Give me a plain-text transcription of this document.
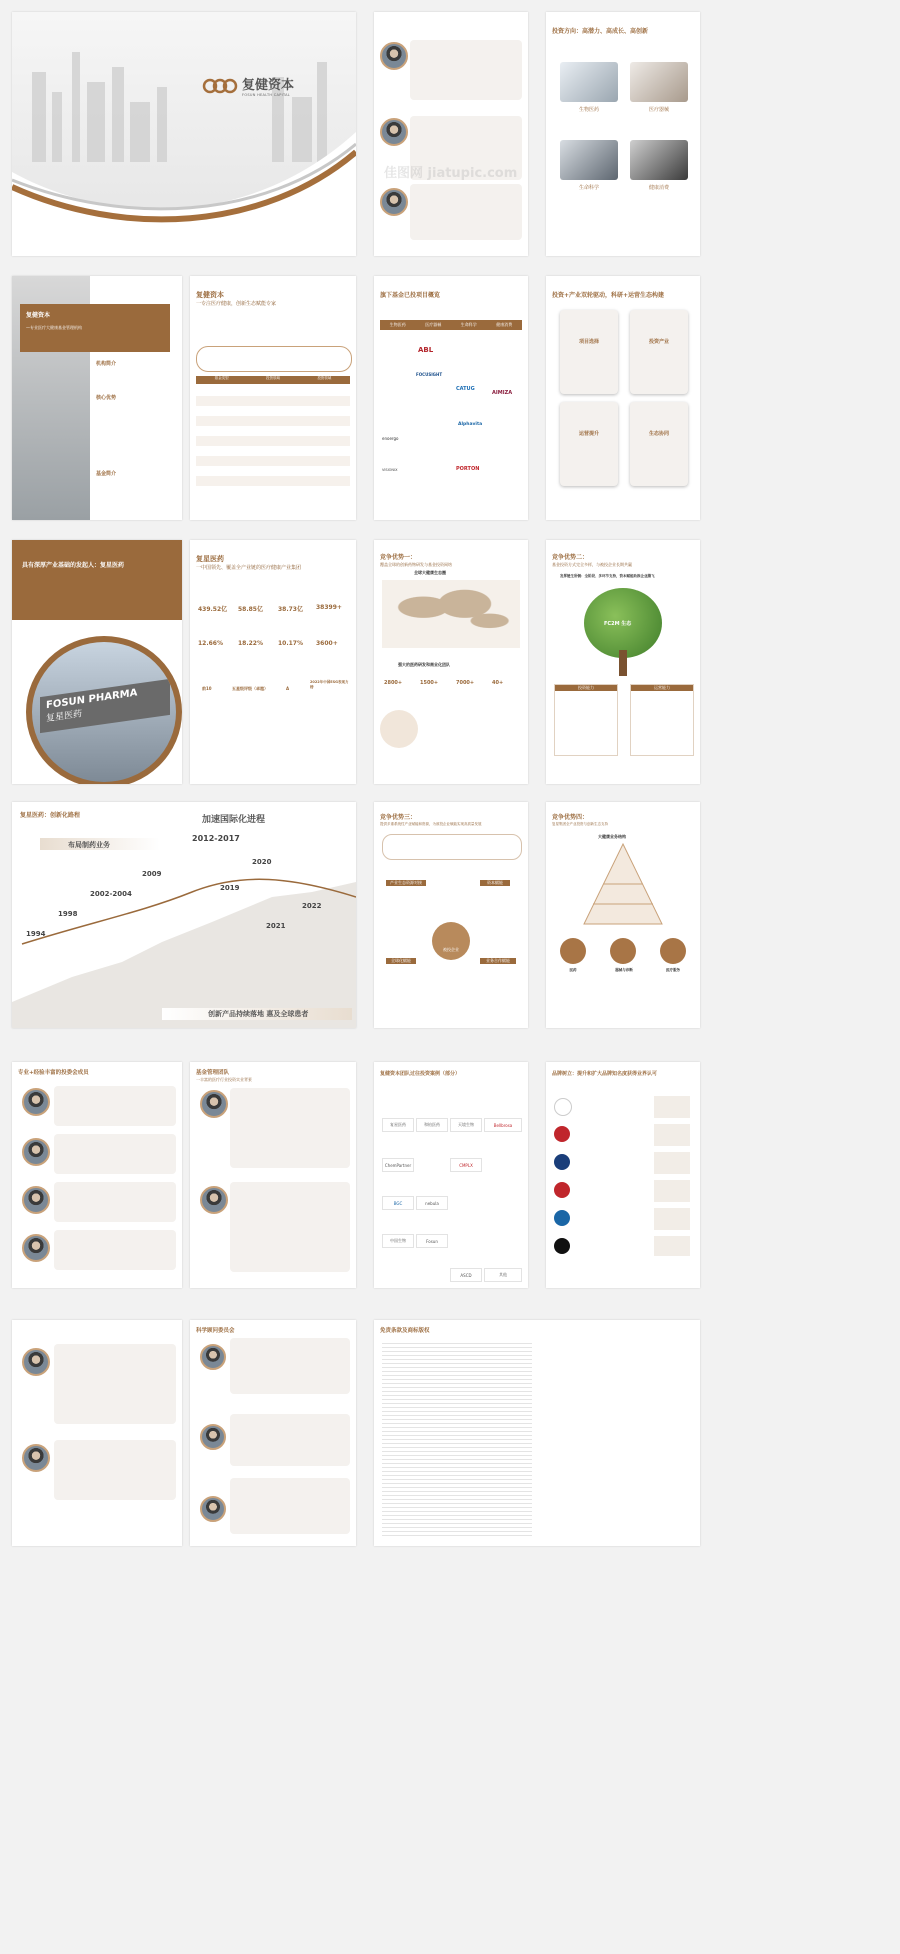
复健资本
FOSUN HEALTH CAPITAL
佳图网 jiatupic.com
投资方向：高潜力、高成长、高创新
生物医药	医疗器械
生命科学	健康消费
复健资本
—专业医疗大健康基金管理机构
机构简介
核心优势
基金简介
复健资本
一专注医疗健康，创新生态赋能专家
基金类型	投资领域	投资领域
旗下基金已投项目概览
生物医药	医疗器械	生命科学	健康消费
ABL
FOCUSIGHT
CATUG
AIMIZA
Alphavita
PORTON
VISIONIX
enoergo
投资+产业双轮驱动，科研+运营生态构建
项目选择	投资产业
运营提升	生态协同
具有深厚产业基础的发起人：复星医药
FOSUN PHARMA
复星医药
复星医药
一中国领先、覆盖全产业链的医疗健康产业集团
439.52亿 58.85亿	38.73亿 38399+
12.66%	18.22%	10.17% 3600+
前10	五星级评级（卓越）	A
2022年中国ESG表现力榜
竞争优势一：
覆盖全球的创新药物研发与基金投资网络
全球大健康生态圈
强大的医药研发和商业化团队
2800+	1500+	7000+	40+
竞争优势二：
基金投资方式完全多样，与被投企业长期共赢
发挥链生所侧：全阶段、多环节支持，资本赋能助推企业腾飞
FC2M 生态
投资能力	运营能力
复星医药：创新化路程	加速国际化进程
布局制药业务
1994
1998
2002-2004
2009
2012-2017
2019
2020
2021
2022
创新产品持续落地 惠及全球患者
竞争优势三：
提供多重系统性产业赋能和资源，为被投企业赋能实现高质量发展
被投企业
产业生态资源对接	资本赋能
全球化赋能	业务合作赋能
竞争优势四：
复星集团全产业投资与创新生态支持
大健康业务结构
医药	器械与诊断	医疗服务
专业+经验丰富的投委会成员	基金管理团队
一丰富的医疗行业投资实业背景
复健资本团队过往投资案例（部分）
复星医药	和铂医药	天境生物	Bellbrosa
ChemPartner	CMPLX
BGC	nebula
中国生物	Fosun
ASCD	其他
品牌树立：提升和扩大品牌知名度获得业界认可
科学顾问委员会	免责条款及商标版权
